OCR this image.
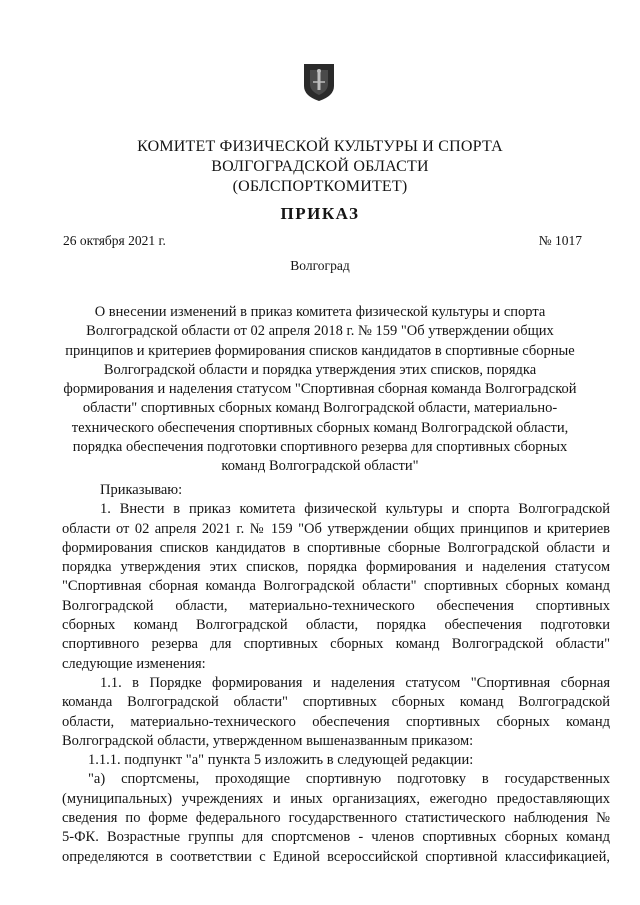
КОМИТЕТ ФИЗИЧЕСКОЙ КУЛЬТУРЫ И СПОРТА
ВОЛГОГРАДСКОЙ ОБЛАСТИ
(ОБЛСПОРТКОМИТЕТ)
ПРИКАЗ
26 октября 2021 г.	№ 1017
Волгоград
О внесении изменений в приказ комитета физической культуры и спорта
Волгоградской области от 02 апреля 2018 г. № 159 "Об утверждении общих
принципов и критериев формирования списков кандидатов в спортивные сборные
Волгоградской области и порядка утверждения этих списков, порядка
формирования и наделения статусом "Спортивная сборная команда Волгоградской
области" спортивных сборных команд Волгоградской области, материально-
технического обеспечения спортивных сборных команд Волгоградской области,
порядка обеспечения подготовки спортивного резерва для спортивных сборных
команд Волгоградской области"
Приказываю:
1. Внести в приказ комитета физической культуры и спорта Волгоградской
области от 02 апреля 2021 г. № 159 "Об утверждении общих принципов и критериев
формирования списков кандидатов в спортивные сборные Волгоградской области и
порядка утверждения этих списков, порядка формирования и наделения статусом
"Спортивная сборная команда Волгоградской области" спортивных сборных команд
Волгоградской области, материально-технического обеспечения спортивных
сборных команд Волгоградской области, порядка обеспечения подготовки
спортивного резерва для спортивных сборных команд Волгоградской области"
следующие изменения:
1.1. в Порядке формирования и наделения статусом "Спортивная сборная
команда Волгоградской области" спортивных сборных команд Волгоградской
области, материально-технического обеспечения спортивных сборных команд
Волгоградской области, утвержденном вышеназванным приказом:
1.1.1. подпункт "а" пункта 5 изложить в следующей редакции:
"а) спортсмены, проходящие спортивную подготовку в государственных
(муниципальных) учреждениях и иных организациях, ежегодно предоставляющих
сведения по форме федерального государственного статистического наблюдения №
5-ФК. Возрастные группы для спортсменов - членов спортивных сборных команд
определяются в соответствии с Единой всероссийской спортивной классификацией,
